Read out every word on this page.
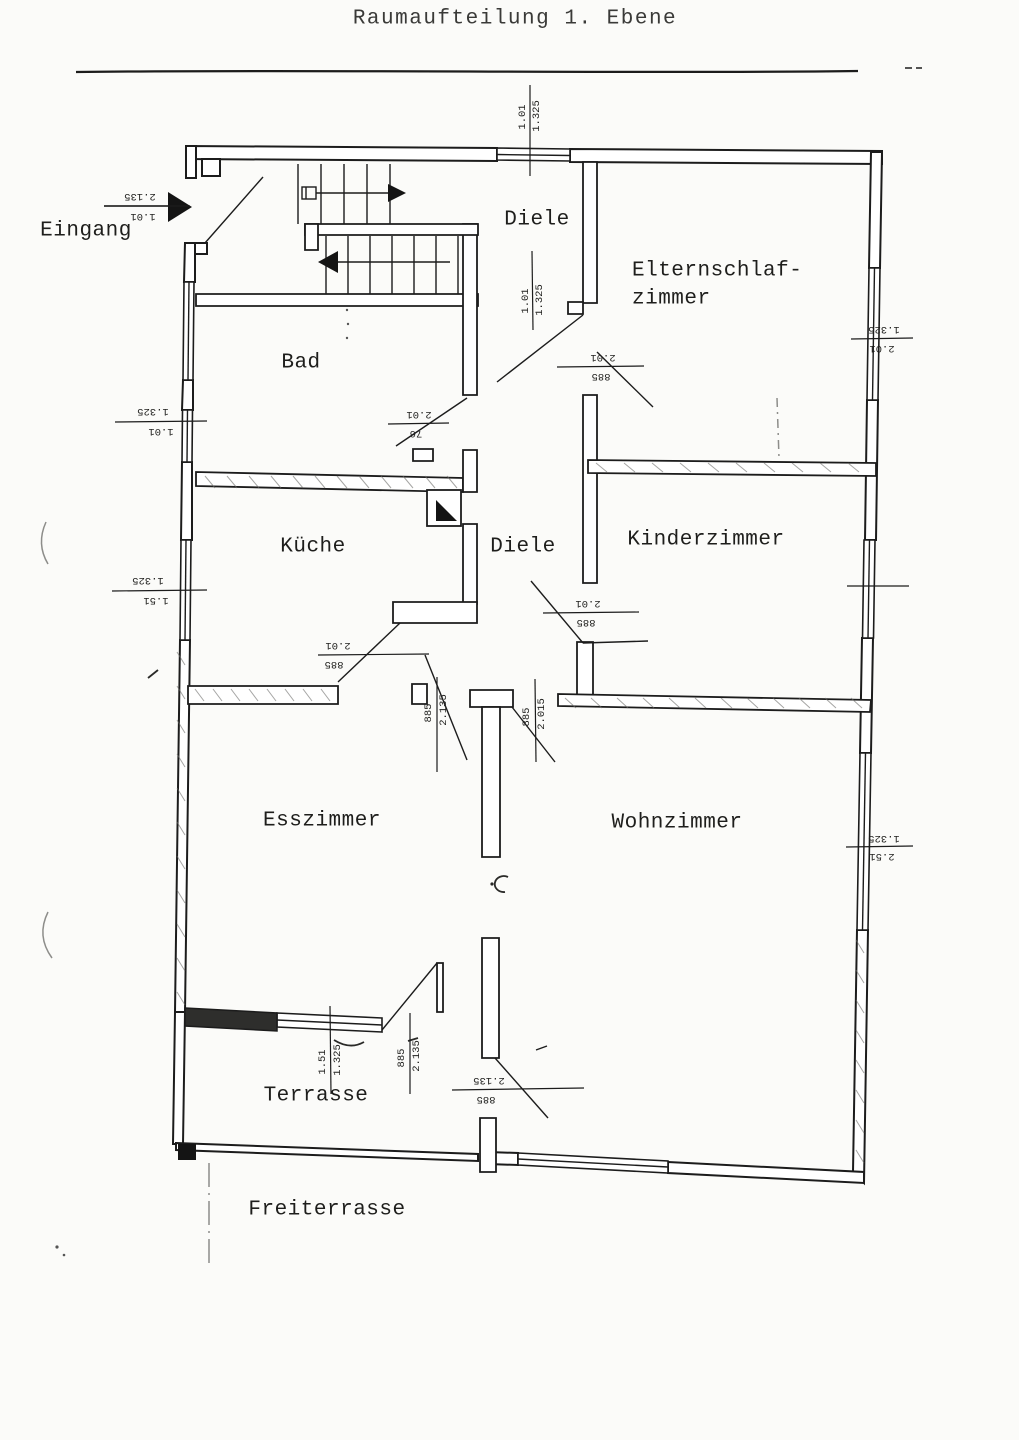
Raumaufteilung 1. Ebene
1.01 1.325
2.135
1.01
1.325
1.01
1.325
1.51
1.325
2.01
2.01
76
1.01 1.325
2.01
885
2.01
885
2.01
885
885 2.135	885 2.015
1.325
2.51
1.51 1.325	885 2.135
2.135
885
Eingang	Diele
Elternschlaf-
zimmer
Bad
Küche	Diele	Kinderzimmer
Esszimmer	Wohnzimmer
Terrasse
Freiterrasse
